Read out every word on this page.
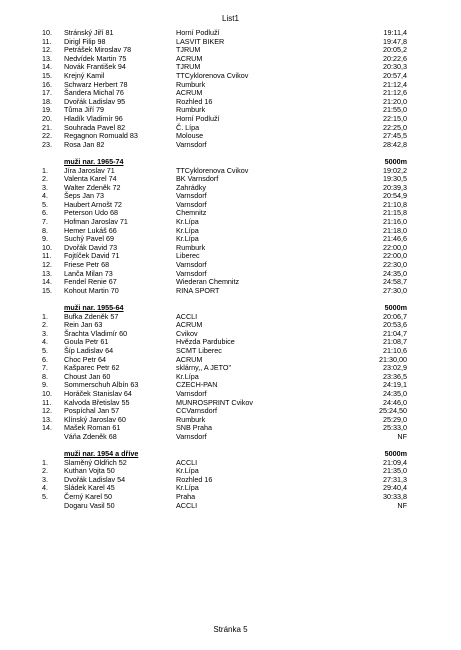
List1
10. Stránský Jiří 81	Horní Podluží	19:11,4
11. Dirigl Filip 98	LASVIT BIKER	19:47,8
12. Petrášek Miroslav 78	TJRUM	20:05,2
13. Nedvídek Martin 75	ACRUM	20:22,6
14. Novák František 94	TJRUM	20:30,3
15. Krejný Kamil	TTCyklorenova Cvikov	20:57,4
16. Schwarz Herbert 78	Rumburk	21:12,4
17. Šandera Michal 76	ACRUM	21:12,6
18. Dvořák Ladislav 95	Rozhled 16	21:20,0
19. Tůma Jiří 79	Rumburk	21:55,0
20. Hladík Vladimír 96	Horní Podluží	22:15,0
21. Souhrada Pavel 82	Č. Lípa	22:25,0
22. Regagnon Romuald 83	Molouse	27:45,5
23. Rosa Jan 82	Varnsdorf	28:42,8
muži nar. 1965-74	5000m
1. Jíra Jaroslav 71	TTCyklorenova Cvikov	19:02,2
2. Valenta Karel 74	BK Varnsdorf	19:30,5
3. Walter Zdeněk 72	Zahrádky	20:39,3
4. Šeps Jan 73	Varnsdorf	20:54,9
5. Haubert Arnošt 72	Varnsdorf	21:10,8
6. Peterson Udo 68	Chemnitz	21:15,8
7. Hofman Jaroslav 71	Kr.Lípa	21:16,0
8. Hemer Lukáš 66	Kr.Lípa	21:18,0
9. Suchý Pavel 69	Kr.Lípa	21:46,6
10. Dvořák David 73	Rumburk	22:00,0
11. Fojtíček David 71	Liberec	22:00,0
12. Friese Petr 68	Varnsdorf	22:30,0
13. Lanča Milan 73	Varnsdorf	24:35,0
14. Fendel Renie 67	Wiederan Chemnitz	24:58,7
15. Kohout Martin 70	RINA SPORT	27:30,0
muži nar. 1955-64	5000m
1. Bufka Zdeněk 57	ACCLI	20:06,7
2. Rein Jan 63	ACRUM	20:53,6
3. Šrachta Vladimír 60	Cvikov	21:04,7
4. Goula Petr 61	Hvězda Pardubice	21:08,7
5. Šíp Ladislav 64	SCMT Liberec	21:10,6
6. Choc Petr 64	ACRUM	21:30,00
7. Kašparec Petr 62	sklárny,, A JETO"	23:02,9
8. Choust Jan 60	Kr.Lípa	23:36,5
9. Sommerschuh Albín 63	CZECH-PAN	24:19,1
10. Horáček Stanislav 64	Varnsdorf	24:35,0
11. Kalvoda Břetislav 55	MUNROSPRINT Cvikov	24:46,0
12. Pospíchal Jan 57	CCVarnsdorf	25:24,50
13. Klínský Jaroslav 60	Rumburk	25:29,0
14. Mašek Roman 61	SNB Praha	25:33,0
Váňa Zdeněk 68	Varnsdorf	NF
muži nar. 1954 a dříve	5000m
1. Slaměný Oldřich 52	ACCLI	21:09,4
2. Kuthan Vojta 50	Kr.Lípa	21:35,0
3. Dvořák Ladislav 54	Rozhled 16	27:31,3
4. Sládek Karel 45	Kr.Lípa	29:40,4
5. Černý Karel 50	Praha	30:33,8
Dogaru Vasil 50	ACCLI	NF
Stránka 5
